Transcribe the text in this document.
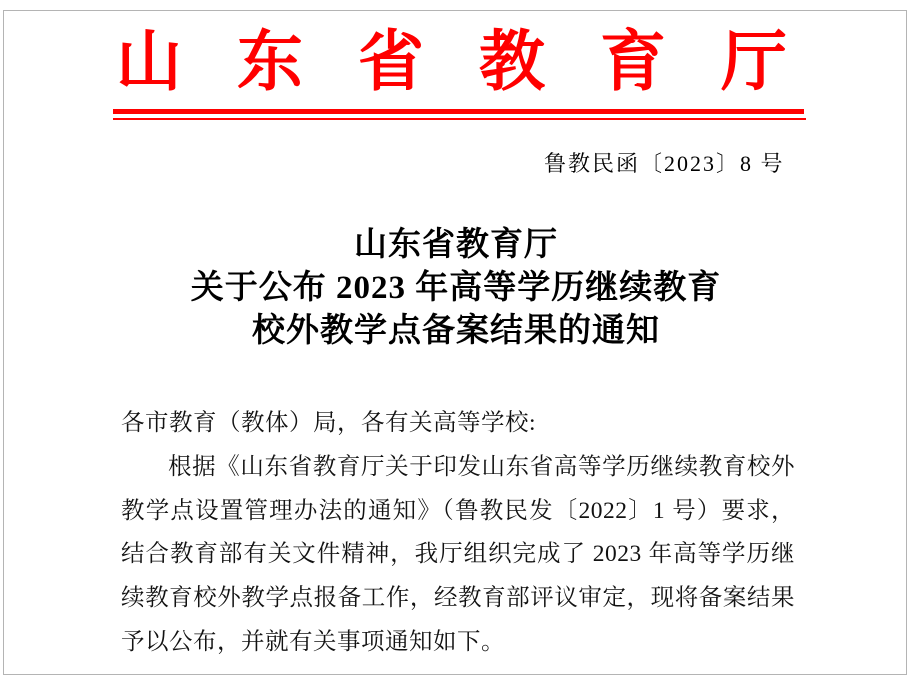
山东省教育厅
鲁教民函〔2023〕8 号
山东省教育厅
关于公布 2023 年高等学历继续教育
校外教学点备案结果的通知
各市教育（教体）局，各有关高等学校:
根据《山东省教育厅关于印发山东省高等学历继续教育校外
教学点设置管理办法的通知》（鲁教民发〔2022〕1 号）要求，
结合教育部有关文件精神，我厅组织完成了 2023 年高等学历继
续教育校外教学点报备工作，经教育部评议审定，现将备案结果
予以公布，并就有关事项通知如下。
